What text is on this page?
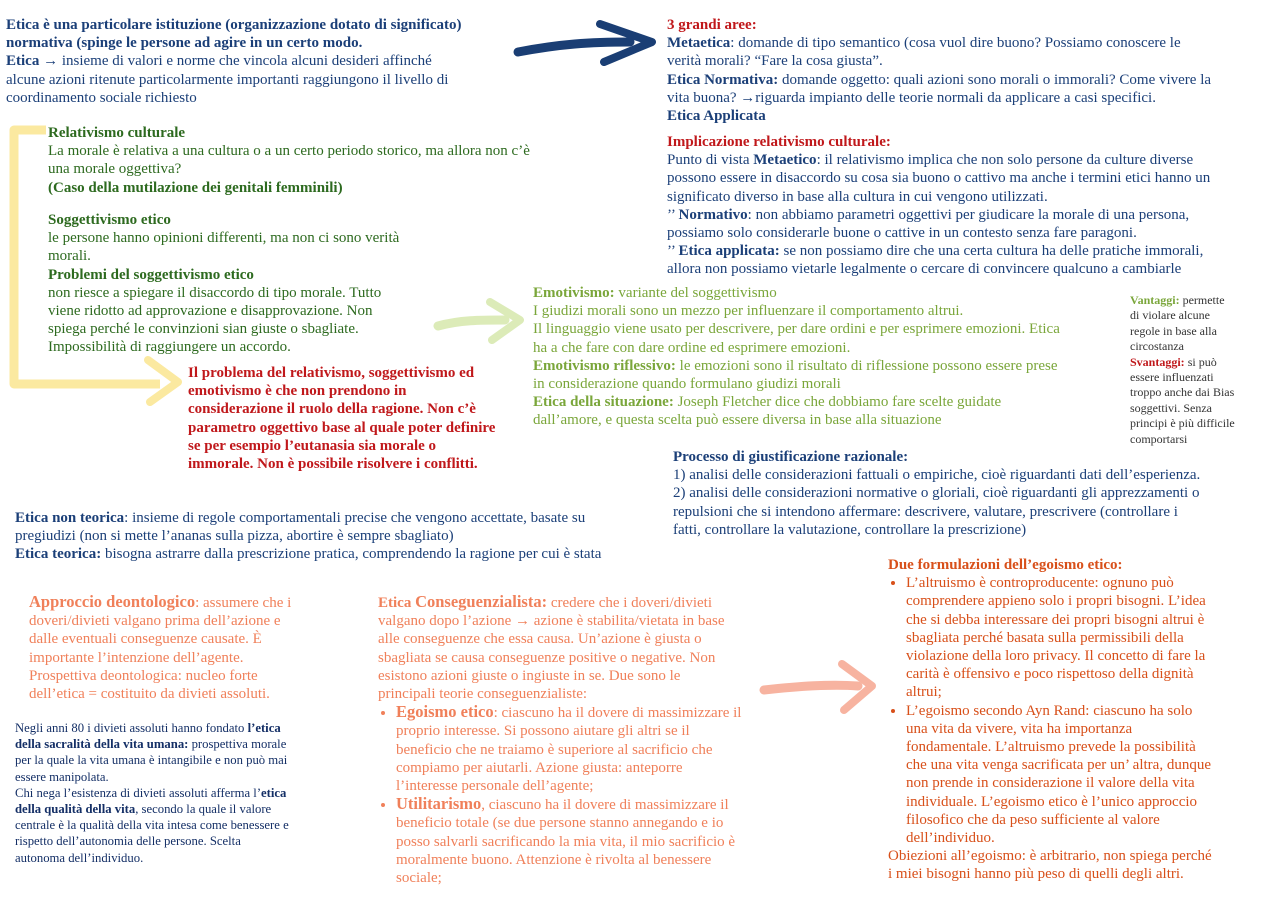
Etica è una particolare istituzione (organizzazione dotato di significato)

normativa (spinge le persone ad agire in un certo modo.

Etica → insieme di valori e norme che vincola alcuni desideri affinché

alcune azioni ritenute particolarmente importanti raggiungono il livello di

coordinamento sociale richiesto

3 grandi aree:

Metaetica: domande di tipo semantico (cosa vuol dire buono? Possiamo conoscere le

verità morali? “Fare la cosa giusta”.

Etica Normativa: domande oggetto: quali azioni sono morali o immorali? Come vivere la

vita buona? →riguarda impianto delle teorie normali da applicare a casi specifici.

Etica Applicata

Relativismo culturale

La morale è relativa a una cultura o a un certo periodo storico, ma allora non c’è

una morale oggettiva?

(Caso della mutilazione dei genitali femminili)

Soggettivismo etico

le persone hanno opinioni differenti, ma non ci sono verità

morali.

Problemi del soggettivismo etico

non riesce a spiegare il disaccordo di tipo morale. Tutto

viene ridotto ad approvazione e disapprovazione. Non

spiega perché le convinzioni sian giuste o sbagliate.

Impossibilità di raggiungere un accordo.

Implicazione relativismo culturale:

Punto di vista Metaetico: il relativismo implica che non solo persone da culture diverse

possono essere in disaccordo su cosa sia buono o cattivo ma anche i termini etici hanno un

significato diverso in base alla cultura in cui vengono utilizzati.

’’ Normativo: non abbiamo parametri oggettivi per giudicare la morale di una persona,

possiamo solo considerarle buone o cattive in un contesto senza fare paragoni.

’’ Etica applicata: se non possiamo dire che una certa cultura ha delle pratiche immorali,

allora non possiamo vietarle legalmente o cercare di convincere qualcuno a cambiarle

Emotivismo: variante del soggettivismo

I giudizi morali sono un mezzo per influenzare il comportamento altrui.

Il linguaggio viene usato per descrivere, per dare ordini e per esprimere emozioni. Etica

ha a che fare con dare ordine ed esprimere emozioni.

Emotivismo riflessivo: le emozioni sono il risultato di riflessione possono essere prese

in considerazione quando formulano giudizi morali

Etica della situazione: Joseph Fletcher dice che dobbiamo fare scelte guidate

dall’amore, e questa scelta può essere diversa in base alla situazione

Vantaggi: permette

di violare alcune

regole in base alla

circostanza

Svantaggi: si può

essere influenzati

troppo anche dai Bias

soggettivi. Senza

principi è più difficile

comportarsi

Il problema del relativismo, soggettivismo ed

emotivismo è che non prendono in

considerazione il ruolo della ragione. Non c’è

parametro oggettivo base al quale poter definire

se per esempio l’eutanasia sia morale o

immorale. Non è possibile risolvere i conflitti.	Processo di giustificazione razionale:

1) analisi delle considerazioni fattuali o empiriche, cioè riguardanti dati dell’esperienza.

2) analisi delle considerazioni normative o gloriali, cioè riguardanti gli apprezzamenti o

repulsioni che si intendono affermare: descrivere, valutare, prescrivere (controllare i

fatti, controllare la valutazione, controllare la prescrizione)

Etica non teorica: insieme di regole comportamentali precise che vengono accettate, basate su

pregiudizi (non si mette l’ananas sulla pizza, abortire è sempre sbagliato)

Etica teorica: bisogna astrarre dalla prescrizione pratica, comprendendo la ragione per cui è stata

Approccio deontologico: assumere che i

doveri/divieti valgano prima dell’azione e

dalle eventuali conseguenze causate. È

importante l’intenzione dell’agente.

Prospettiva deontologica: nucleo forte

dell’etica = costituito da divieti assoluti.

Negli anni 80 i divieti assoluti hanno fondato l’etica

della sacralità della vita umana: prospettiva morale

per la quale la vita umana è intangibile e non può mai

essere manipolata.

Chi nega l’esistenza di divieti assoluti afferma l’etica

della qualità della vita, secondo la quale il valore

centrale è la qualità della vita intesa come benessere e

rispetto dell’autonomia delle persone. Scelta

autonoma dell’individuo.

Etica Conseguenzialista: credere che i doveri/divieti

valgano dopo l’azione → azione è stabilita/vietata in base

alle conseguenze che essa causa. Un’azione è giusta o

sbagliata se causa conseguenze positive o negative. Non

esistono azioni giuste o ingiuste in se. Due sono le

principali teorie conseguenzialiste:

• Egoismo etico: ciascuno ha il dovere di massimizzare il

proprio interesse. Si possono aiutare gli altri se il

beneficio che ne traiamo è superiore al sacrificio che

compiamo per aiutarli. Azione giusta: anteporre

l’interesse personale dell’agente;

• Utilitarismo, ciascuno ha il dovere di massimizzare il

beneficio totale (se due persone stanno annegando e io

posso salvarli sacrificando la mia vita, il mio sacrificio è

moralmente buono. Attenzione è rivolta al benessere

sociale;

Due formulazioni dell’egoismo etico:

• L’altruismo è controproducente: ognuno può

comprendere appieno solo i propri bisogni. L’idea

che si debba interessare dei propri bisogni altrui è

sbagliata perché basata sulla permissibili della

violazione della loro privacy. Il concetto di fare la

carità è offensivo e poco rispettoso della dignità

altrui;

• L’egoismo secondo Ayn Rand: ciascuno ha solo

una vita da vivere, vita ha importanza

fondamentale. L’altruismo prevede la possibilità

che una vita venga sacrificata per un’ altra, dunque

non prende in considerazione il valore della vita

individuale. L’egoismo etico è l’unico approccio

filosofico che da peso sufficiente al valore

dell’individuo.

Obiezioni all’egoismo: è arbitrario, non spiega perché

i miei bisogni hanno più peso di quelli degli altri.
